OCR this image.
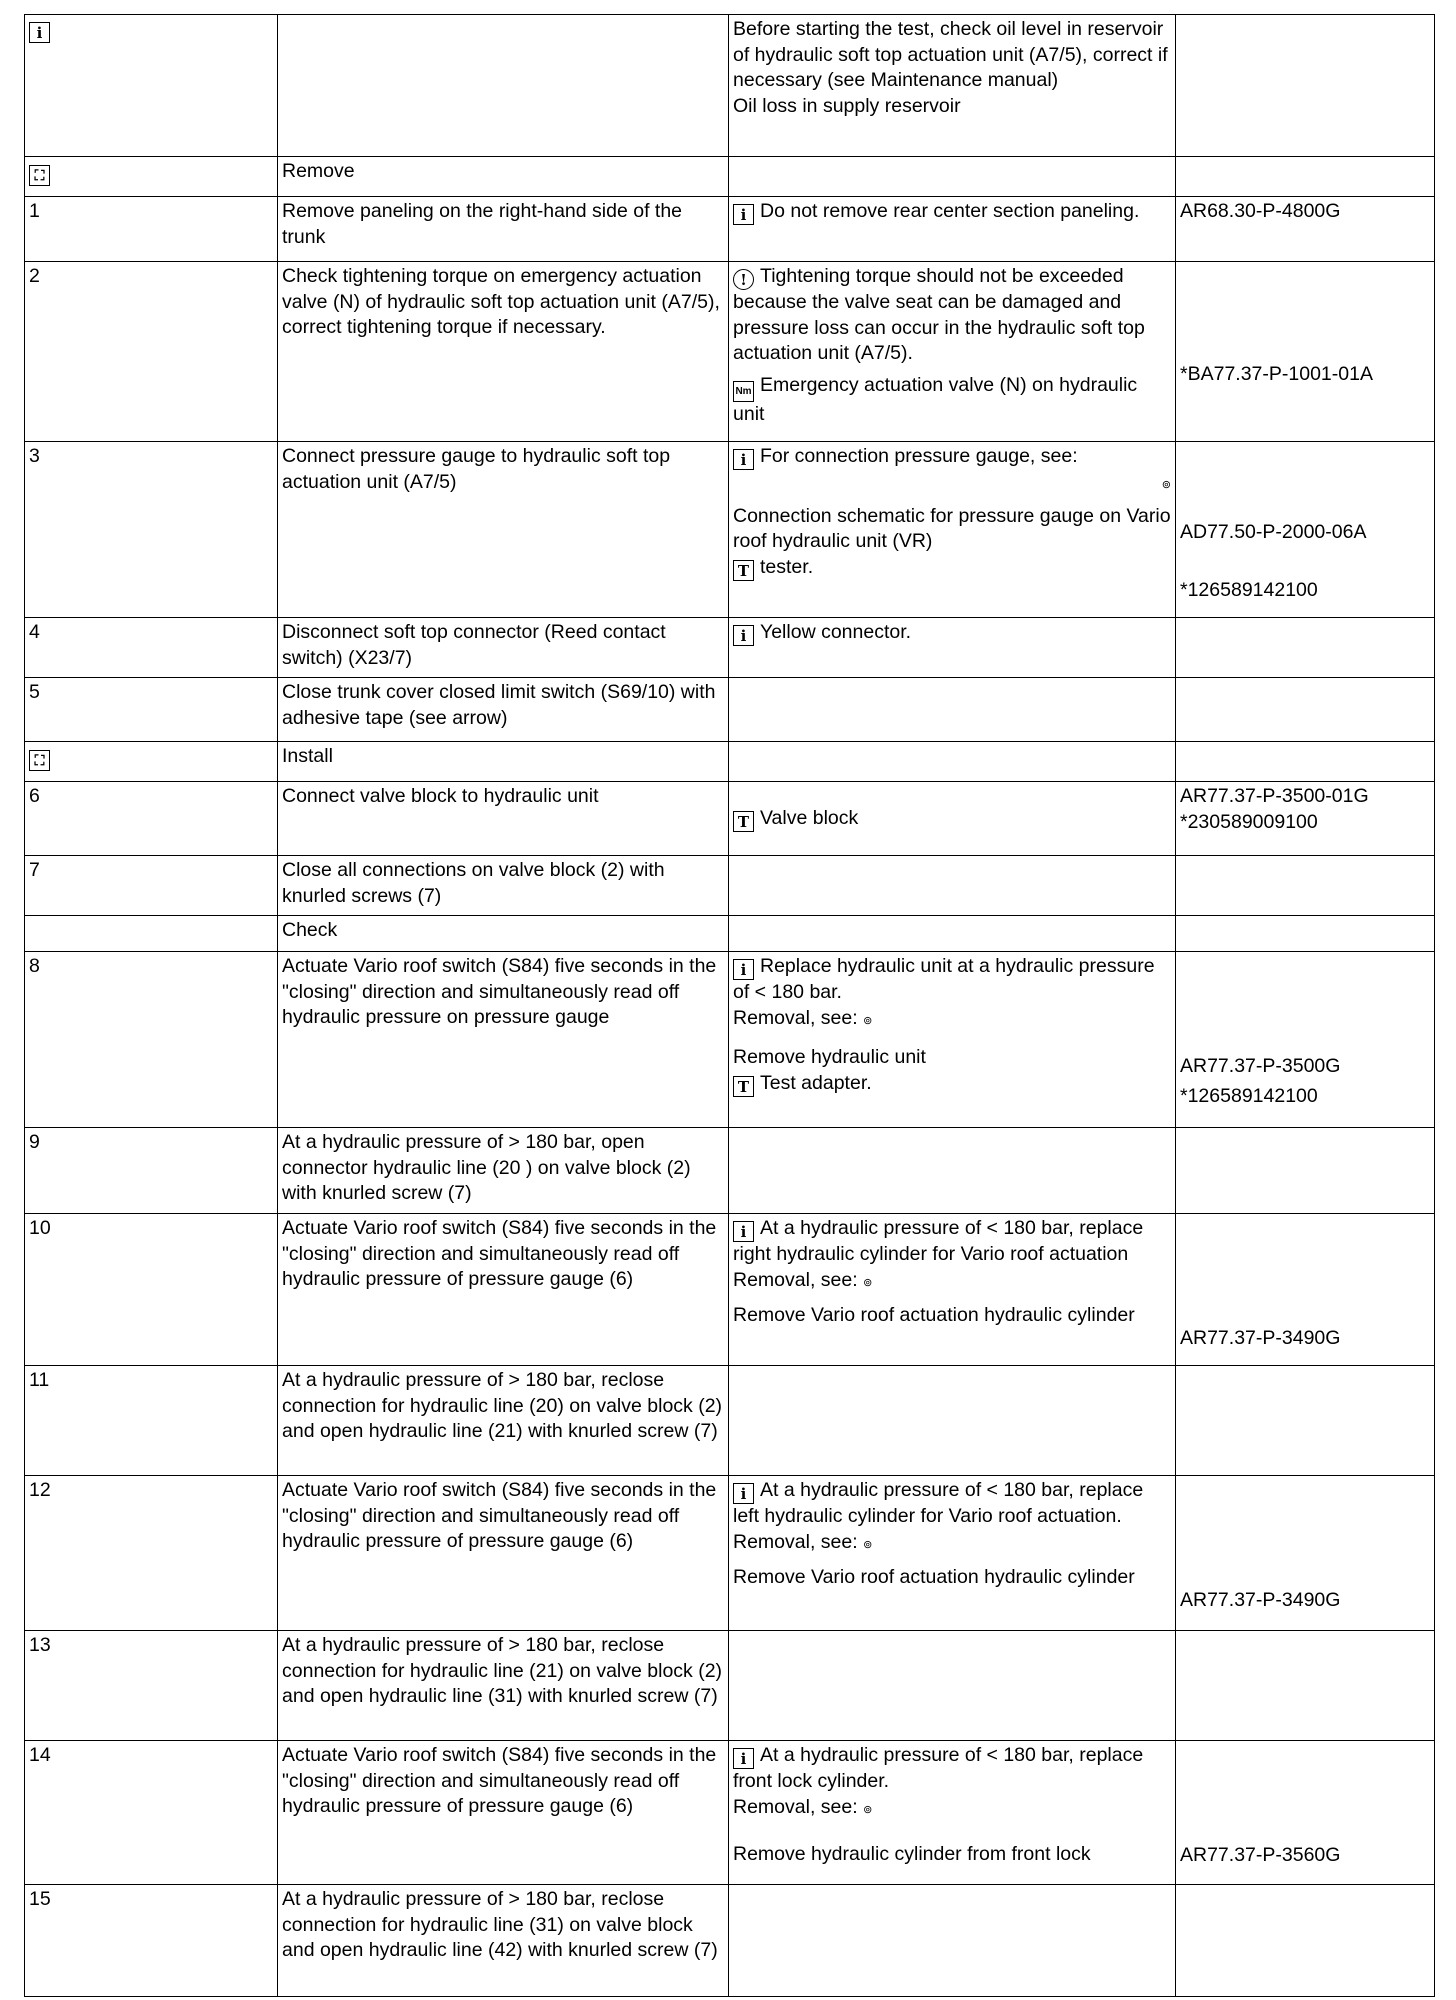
i		Before starting the test, check oil level in reservoir of hydraulic soft top actuation unit (A7/5), correct if necessary (see Maintenance manual)
Oil loss in supply reservoir	

⛶	Remove		
1	Remove paneling on the right-hand side of the trunk	i Do not remove rear center section paneling.	AR68.30-P-4800G
2	Check tightening torque on emergency actuation valve (N) of hydraulic soft top actuation unit (A7/5), correct tightening torque if necessary.	! Tightening torque should not be exceeded because the valve seat can be damaged and pressure loss can occur in the hydraulic soft top actuation unit (A7/5).
Nm Emergency actuation valve (N) on hydraulic unit	*BA77.37-P-1001-01A

3	Connect pressure gauge to hydraulic soft top actuation unit (A7/5)	i For connection pressure gauge, see:
⊚
Connection schematic for pressure gauge on Vario roof hydraulic unit (VR)
T tester.	AD77.50-P-2000-06A
*126589142100

4	Disconnect soft top connector (Reed contact switch) (X23/7)	i Yellow connector.	
5	Close trunk cover closed limit switch (S69/10) with adhesive tape (see arrow)		
⛶	Install		
6	Connect valve block to hydraulic unit	T Valve block	AR77.37-P-3500-01G
*230589009100

7	Close all connections on valve block (2) with knurled screws (7)		
	Check		
8	Actuate Vario roof switch (S84) five seconds in the "closing" direction and simultaneously read off hydraulic pressure on pressure gauge	i Replace hydraulic unit at a hydraulic pressure of < 180 bar.
Removal, see: ⊚
Remove hydraulic unit
T Test adapter.	AR77.37-P-3500G
*126589142100

9	At a hydraulic pressure of > 180 bar, open connector hydraulic line (20 ) on valve block (2) with knurled screw (7)		
10	Actuate Vario roof switch (S84) five seconds in the "closing" direction and simultaneously read off hydraulic pressure of pressure gauge (6)	i At a hydraulic pressure of < 180 bar, replace right hydraulic cylinder for Vario roof actuation
Removal, see: ⊚
Remove Vario roof actuation hydraulic cylinder	AR77.37-P-3490G

11	At a hydraulic pressure of > 180 bar, reclose connection for hydraulic line (20) on valve block (2) and open hydraulic line (21) with knurled screw (7)		
12	Actuate Vario roof switch (S84) five seconds in the "closing" direction and simultaneously read off hydraulic pressure of pressure gauge (6)	i At a hydraulic pressure of < 180 bar, replace left hydraulic cylinder for Vario roof actuation.
Removal, see: ⊚
Remove Vario roof actuation hydraulic cylinder	AR77.37-P-3490G

13	At a hydraulic pressure of > 180 bar, reclose connection for hydraulic line (21) on valve block (2) and open hydraulic line (31) with knurled screw (7)		
14	Actuate Vario roof switch (S84) five seconds in the "closing" direction and simultaneously read off hydraulic pressure of pressure gauge (6)	i At a hydraulic pressure of < 180 bar, replace front lock cylinder.
Removal, see: ⊚
Remove hydraulic cylinder from front lock	AR77.37-P-3560G

15	At a hydraulic pressure of > 180 bar, reclose connection for hydraulic line (31) on valve block and open hydraulic line (42) with knurled screw (7)		
